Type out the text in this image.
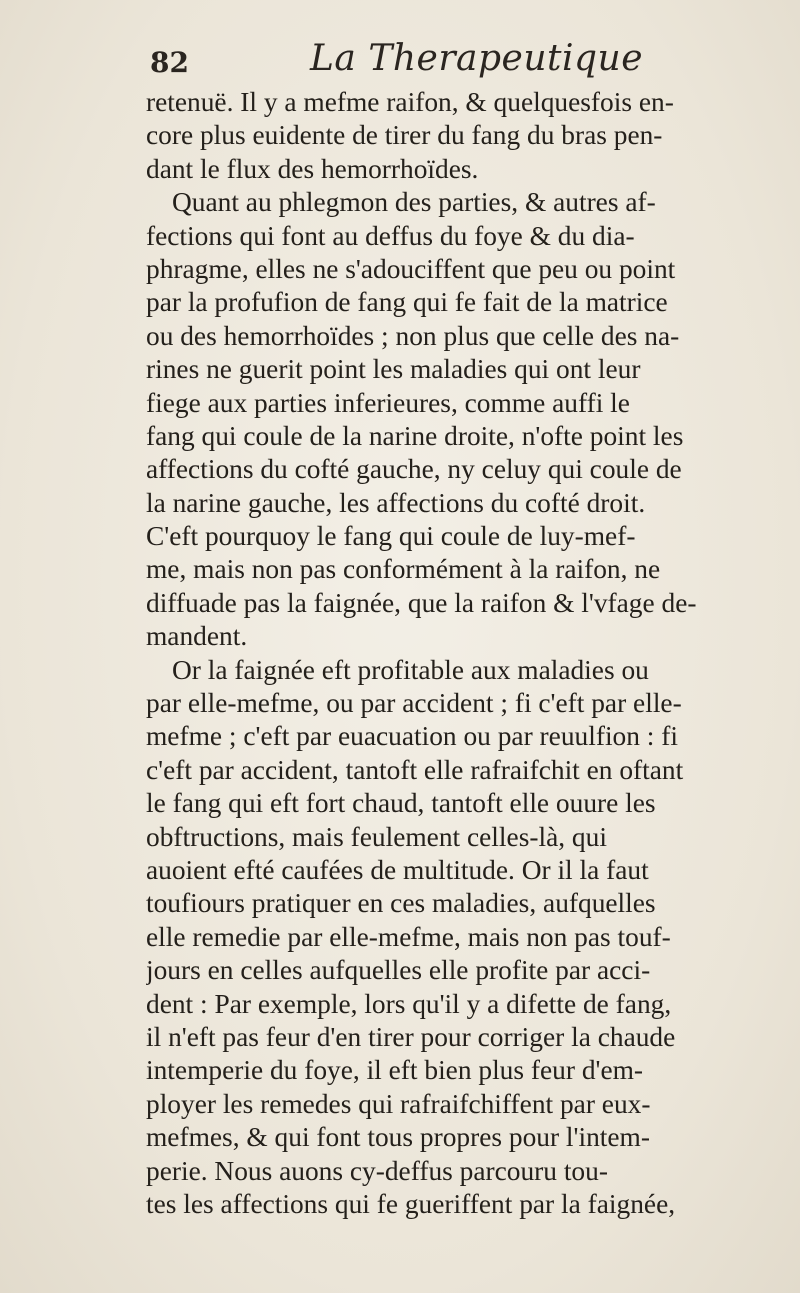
82	La Therapeutique
retenuë. Il y a mefme raifon, & quelquesfois en-
core plus euidente de tirer du fang du bras pen-
dant le flux des hemorrhoïdes.
Quant au phlegmon des parties, & autres af-
fections qui font au deffus du foye & du dia-
phragme, elles ne s'adouciffent que peu ou point
par la profufion de fang qui fe fait de la matrice
ou des hemorrhoïdes ; non plus que celle des na-
rines ne guerit point les maladies qui ont leur
fiege aux parties inferieures, comme auffi le
fang qui coule de la narine droite, n'ofte point les
affections du cofté gauche, ny celuy qui coule de
la narine gauche, les affections du cofté droit.
C'eft pourquoy le fang qui coule de luy-mef-
me, mais non pas conformément à la raifon, ne
diffuade pas la faignée, que la raifon & l'vfage de-
mandent.
Or la faignée eft profitable aux maladies ou
par elle-mefme, ou par accident ; fi c'eft par elle-
mefme ; c'eft par euacuation ou par reuulfion : fi
c'eft par accident, tantoft elle rafraifchit en oftant
le fang qui eft fort chaud, tantoft elle ouure les
obftructions, mais feulement celles-là, qui
auoient efté caufées de multitude. Or il la faut
toufiours pratiquer en ces maladies, aufquelles
elle remedie par elle-mefme, mais non pas touf-
jours en celles aufquelles elle profite par acci-
dent : Par exemple, lors qu'il y a difette de fang,
il n'eft pas feur d'en tirer pour corriger la chaude
intemperie du foye, il eft bien plus feur d'em-
ployer les remedes qui rafraifchiffent par eux-
mefmes, & qui font tous propres pour l'intem-
perie. Nous auons cy-deffus parcouru tou-
tes les affections qui fe gueriffent par la faignée,
